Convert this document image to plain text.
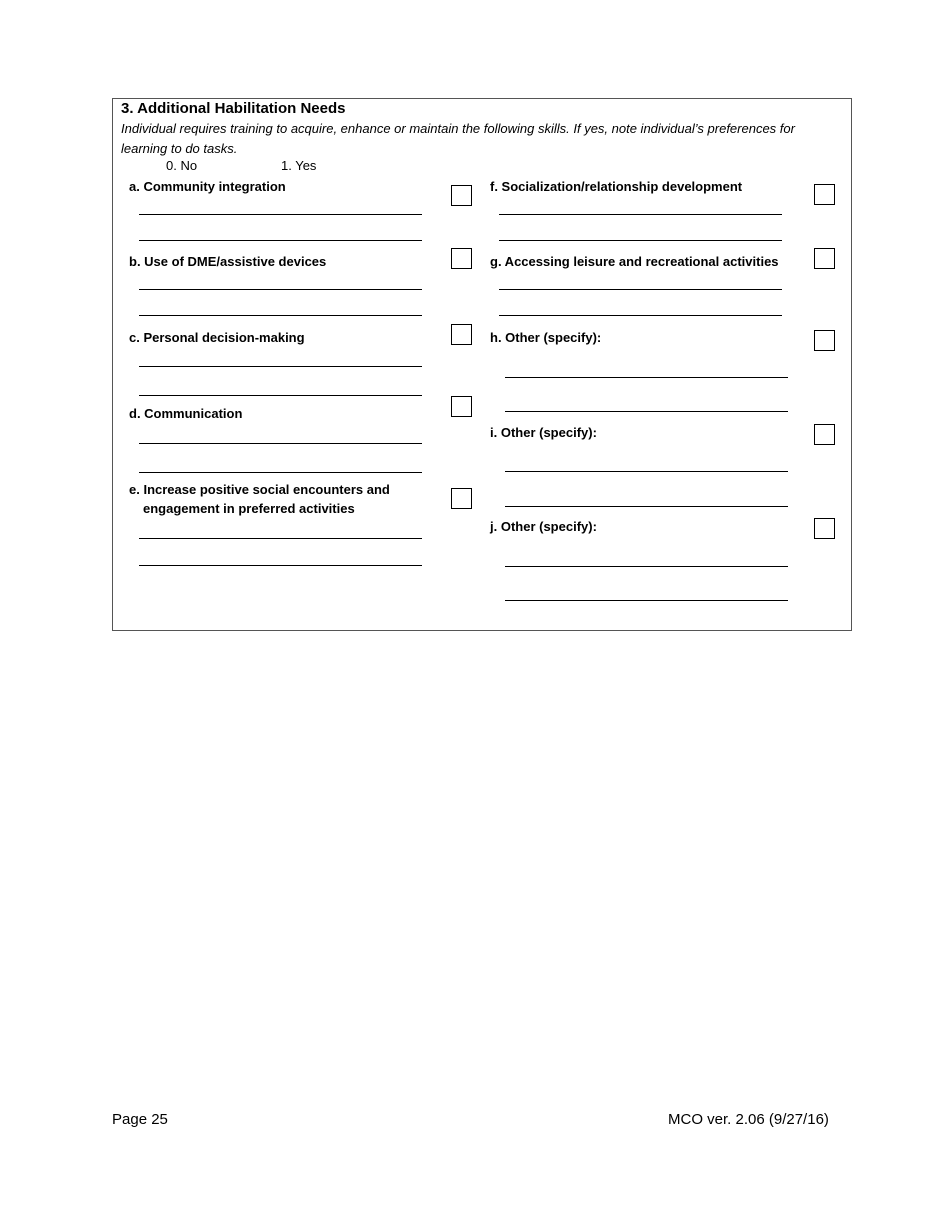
3. Additional Habilitation Needs
Individual requires training to acquire, enhance or maintain the following skills. If yes, note individual’s preferences for learning to do tasks.
0. No	1. Yes
a. Community integration
b. Use of DME/assistive devices
c. Personal decision-making
d. Communication
e. Increase positive social encounters and
engagement in preferred activities
f. Socialization/relationship development
g. Accessing leisure and recreational activities
h. Other (specify):
i. Other (specify):
j. Other (specify):
Page 25	MCO ver. 2.06 (9/27/16)
